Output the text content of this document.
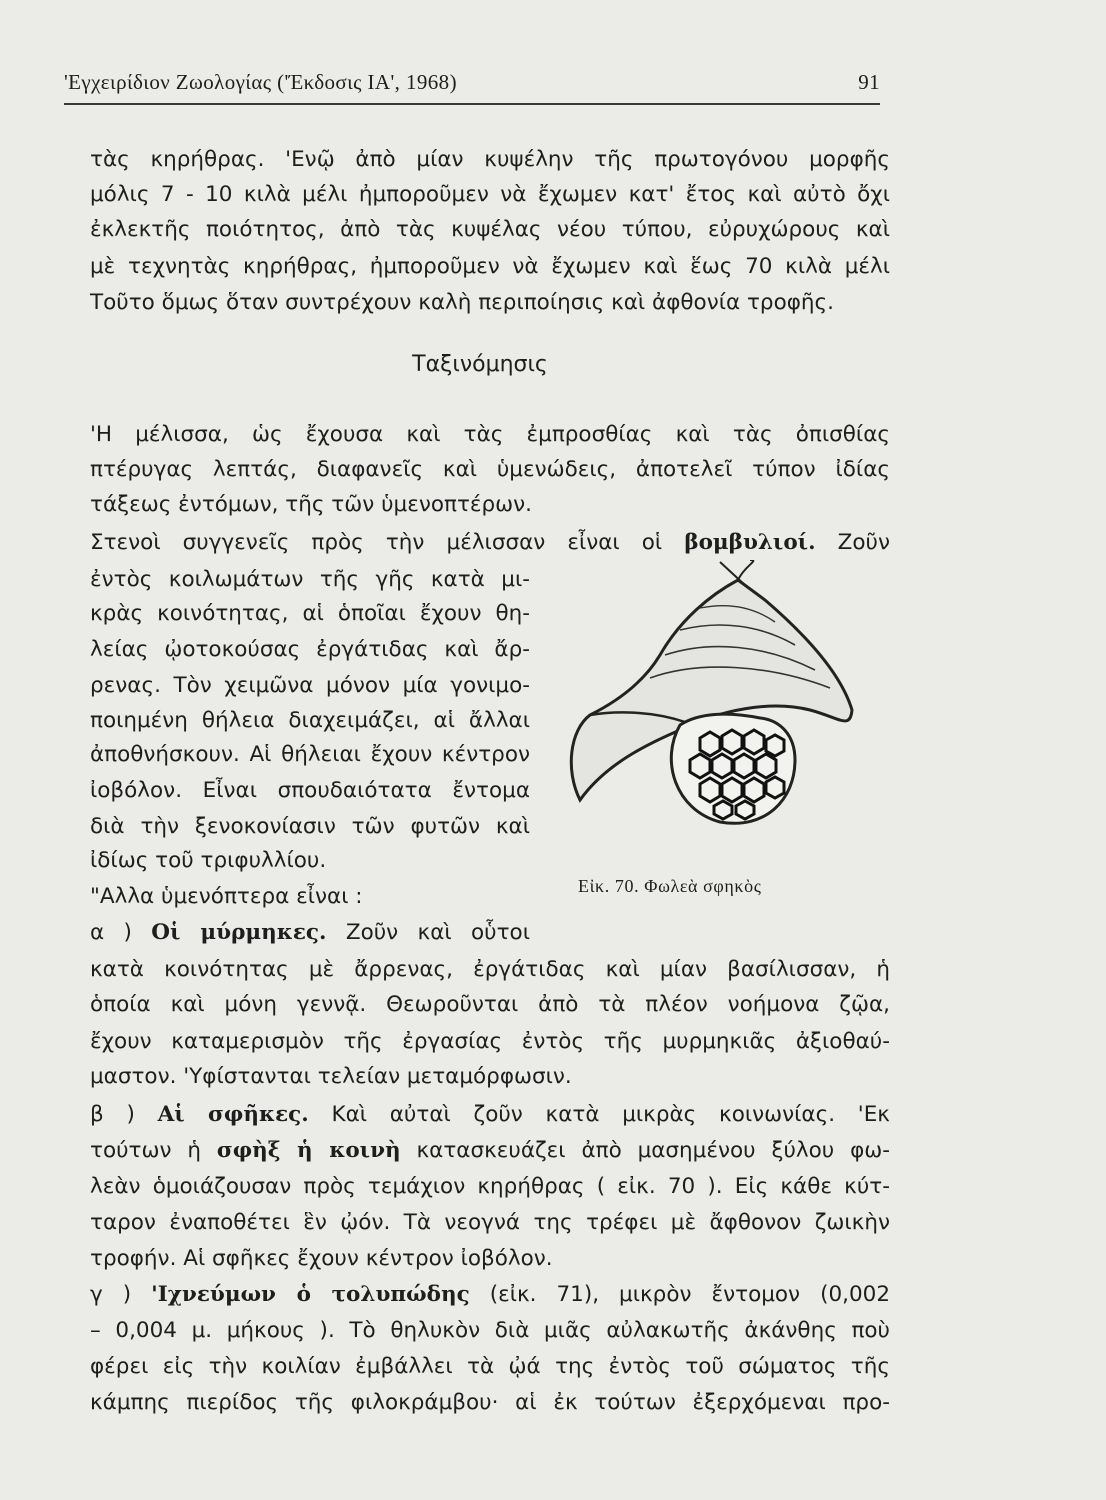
'Εγχειρίδιον Ζωολογίας ('Έκδοσις ΙΑ', 1968)	91
τὰς κηρήθρας. 'Ενῷ ἀπὸ μίαν κυψέλην τῆς πρωτογόνου μορφῆς
μόλις 7 - 10 κιλὰ μέλι ἠμποροῦμεν νὰ ἔχωμεν κατ' ἔτος καὶ αὐτὸ ὄχι
ἐκλεκτῆς ποιότητος, ἀπὸ τὰς κυψέλας νέου τύπου, εὐρυχώρους καὶ
μὲ τεχνητὰς κηρήθρας, ἠμποροῦμεν νὰ ἔχωμεν καὶ ἕως 70 κιλὰ μέλι
Τοῦτο ὅμως ὅταν συντρέχουν καλὴ περιποίησις καὶ ἀφθονία τροφῆς.
Ταξινόμησις
'Η μέλισσα, ὡς ἔχουσα καὶ τὰς ἐμπροσθίας καὶ τὰς ὀπισθίας
πτέρυγας λεπτάς, διαφανεῖς καὶ ὑμενώδεις, ἀποτελεῖ τύπον ἰδίας
τάξεως ἐντόμων, τῆς τῶν ὑμενοπτέρων.
Στενοὶ συγγενεῖς πρὸς τὴν μέλισσαν εἶναι οἱ βομβυλιοί. Ζοῦν
ἐντὸς κοιλωμάτων τῆς γῆς κατὰ μι-
κρὰς κοινότητας, αἱ ὁποῖαι ἔχουν θη-
λείας ᾠοτοκούσας ἐργάτιδας καὶ ἄρ-
ρενας. Τὸν χειμῶνα μόνον μία γονιμο-
ποιημένη θήλεια διαχειμάζει, αἱ ἄλλαι
ἀποθνήσκουν. Αἱ θήλειαι ἔχουν κέντρον
ἰοβόλον. Εἶναι σπουδαιότατα ἔντομα
διὰ τὴν ξενοκονίασιν τῶν φυτῶν καὶ
ἰδίως τοῦ τριφυλλίου.
"Αλλα ὑμενόπτερα εἶναι :
α ) Οἱ μύρμηκες. Ζοῦν καὶ οὗτοι
κατὰ κοινότητας μὲ ἄρρενας, ἐργάτιδας καὶ μίαν βασίλισσαν, ἡ
ὁποία καὶ μόνη γεννᾷ. Θεωροῦνται ἀπὸ τὰ πλέον νοήμονα ζῷα,
ἔχουν καταμερισμὸν τῆς ἐργασίας ἐντὸς τῆς μυρμηκιᾶς ἀξιοθαύ-
μαστον. 'Υφίστανται τελείαν μεταμόρφωσιν.
β ) Αἱ σφῆκες. Καὶ αὐταὶ ζοῦν κατὰ μικρὰς κοινωνίας. 'Εκ
τούτων ἡ σφὴξ ἡ κοινὴ κατασκευάζει ἀπὸ μασημένου ξύλου φω-
λεὰν ὁμοιάζουσαν πρὸς τεμάχιον κηρήθρας ( εἰκ. 70 ). Εἰς κάθε κύτ-
ταρον ἐναποθέτει ἓν ᾠόν. Τὰ νεογνά της τρέφει μὲ ἄφθονον ζωικὴν
τροφήν. Αἱ σφῆκες ἔχουν κέντρον ἰοβόλον.
γ ) 'Ιχνεύμων ὁ τολυπώδης (εἰκ. 71), μικρὸν ἔντομον (0,002
– 0,004 μ. μήκους ). Τὸ θηλυκὸν διὰ μιᾶς αὐλακωτῆς ἀκάνθης ποὺ
φέρει εἰς τὴν κοιλίαν ἐμβάλλει τὰ ᾠά της ἐντὸς τοῦ σώματος τῆς
κάμπης πιερίδος τῆς φιλοκράμβου· αἱ ἐκ τούτων ἐξερχόμεναι προ-
Εἰκ. 70. Φωλεὰ σφηκὸς
